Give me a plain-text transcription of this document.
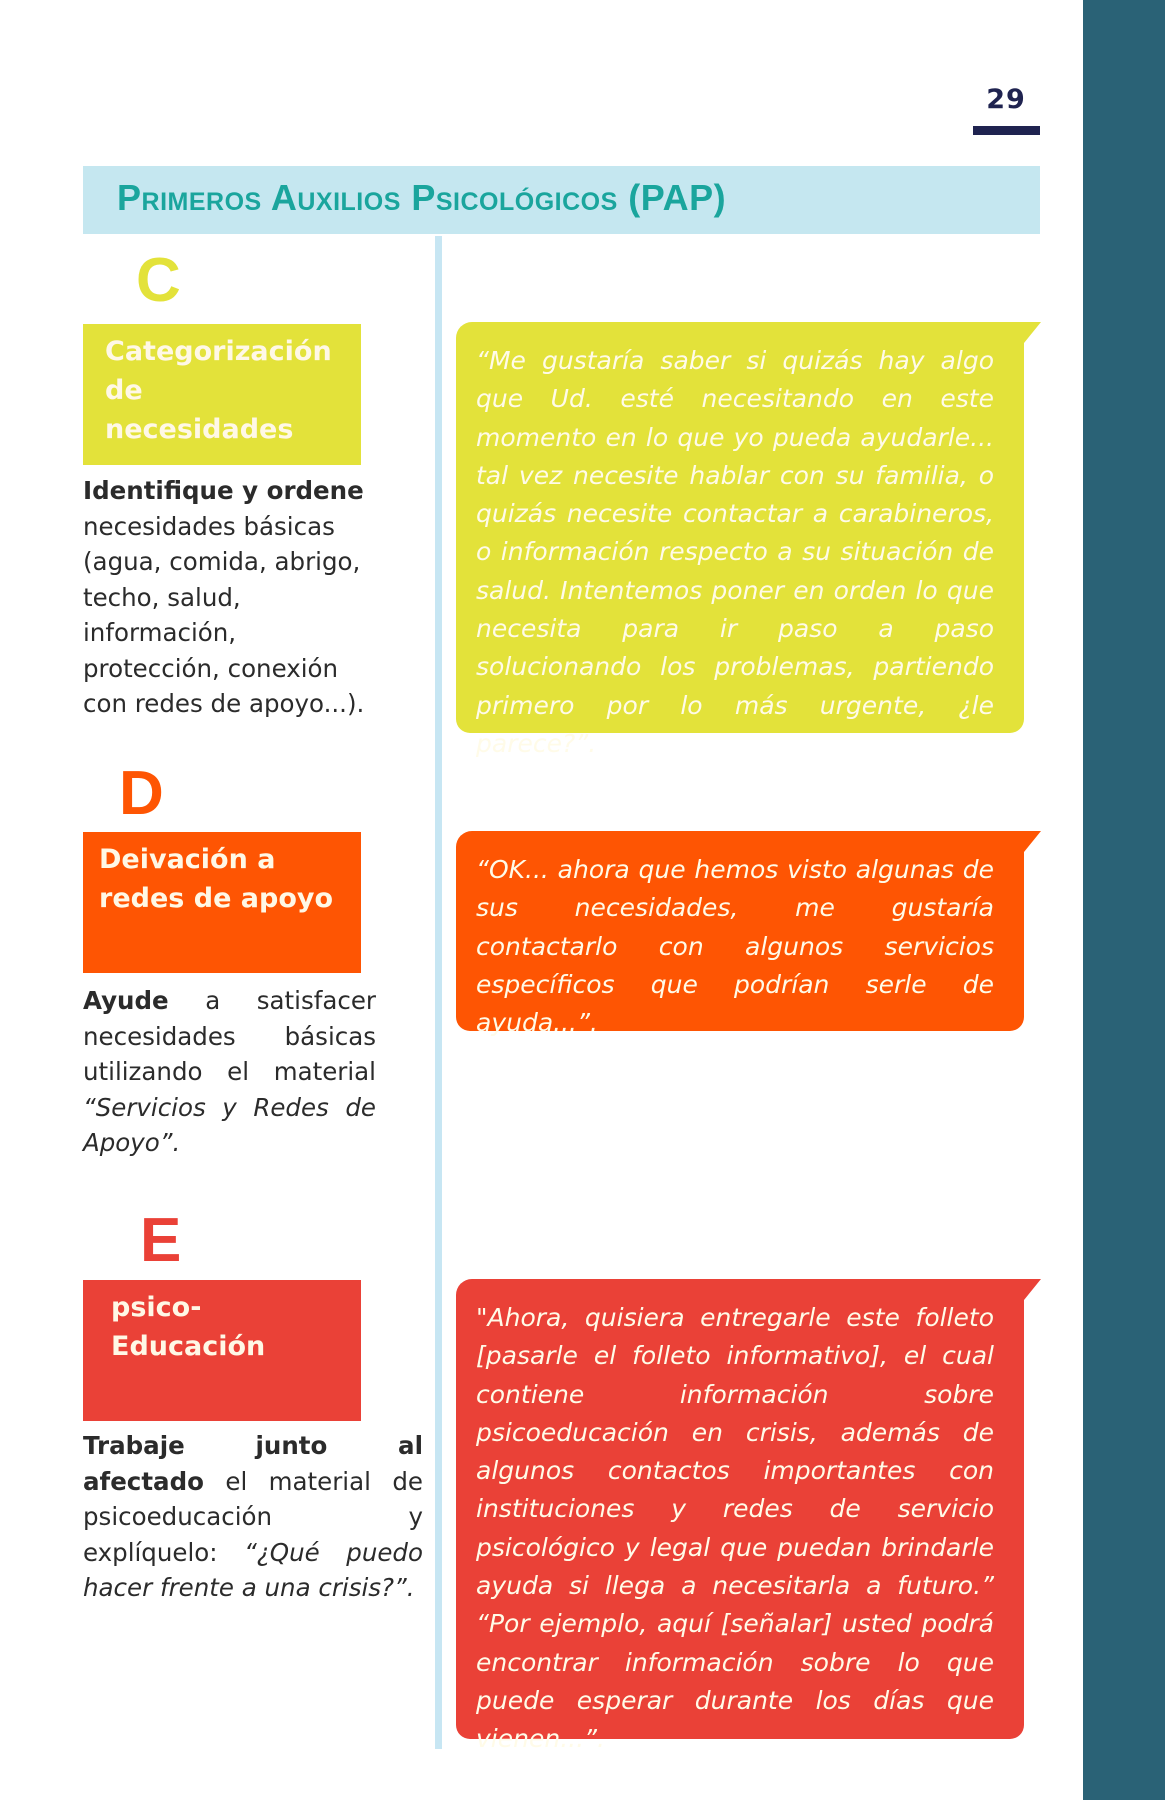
29
Primeros Auxilios Psicológicos (PAP)
C
Categorización
de necesidades
Identifique y ordene necesidades básicas (agua, comida, abrigo, techo, salud, información, protección, conexión con redes de apoyo...).
“Me gustaría saber si quizás hay algo que Ud. esté necesitando en este momento en lo que yo pueda ayudarle... tal vez necesite hablar con su familia, o quizás necesite contactar a carabineros, o información respecto a su situación de salud. Intentemos poner en orden lo que necesita para ir paso a paso solucionando los problemas, partiendo primero por lo más urgente, ¿le parece?”.
D
Deivación a
redes de apoyo
Ayude a satisfacer necesidades básicas utilizando el material “Servicios y Redes de Apoyo”.
“OK... ahora que hemos visto algunas de sus necesidades, me gustaría contactarlo con algunos servicios específicos que podrían serle de ayuda...”.
E
psico-
Educación
Trabaje junto al afectado el material de psicoeducación y explíquelo: “¿Qué puedo hacer frente a una crisis?”.
"Ahora, quisiera entregarle este folleto [pasarle el folleto informativo], el cual contiene información sobre psicoeducación en crisis, además de algunos contactos importantes con instituciones y redes de servicio psicológico y legal que puedan brindarle ayuda si llega a necesitarla a futuro.” “Por ejemplo, aquí [señalar] usted podrá encontrar información sobre lo que puede esperar durante los días que vienen...”.
